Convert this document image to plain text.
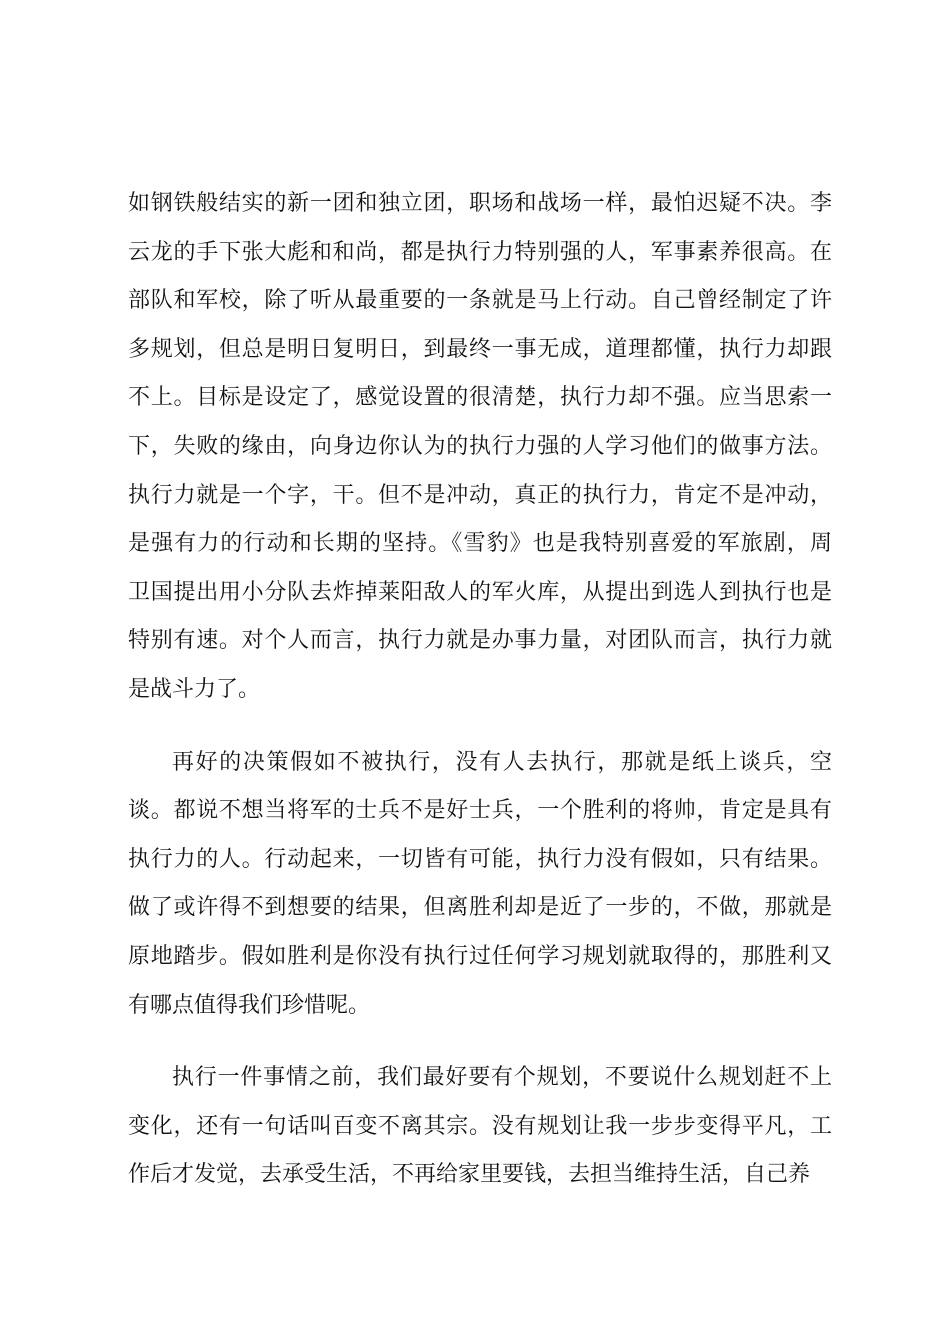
如钢铁般结实的新一团和独立团，职场和战场一样，最怕迟疑不决。李
云龙的手下张大彪和和尚，都是执行力特别强的人，军事素养很高。在
部队和军校，除了听从最重要的一条就是马上行动。自己曾经制定了许
多规划，但总是明日复明日，到最终一事无成，道理都懂，执行力却跟
不上。目标是设定了，感觉设置的很清楚，执行力却不强。应当思索一
下，失败的缘由，向身边你认为的执行力强的人学习他们的做事方法。
执行力就是一个字，干。但不是冲动，真正的执行力，肯定不是冲动，
是强有力的行动和长期的坚持。《雪豹》也是我特别喜爱的军旅剧，周
卫国提出用小分队去炸掉莱阳敌人的军火库，从提出到选人到执行也是
特别有速。对个人而言，执行力就是办事力量，对团队而言，执行力就
是战斗力了。
再好的决策假如不被执行，没有人去执行，那就是纸上谈兵，空
谈。都说不想当将军的士兵不是好士兵，一个胜利的将帅，肯定是具有
执行力的人。行动起来，一切皆有可能，执行力没有假如，只有结果。
做了或许得不到想要的结果，但离胜利却是近了一步的，不做，那就是
原地踏步。假如胜利是你没有执行过任何学习规划就取得的，那胜利又
有哪点值得我们珍惜呢。
执行一件事情之前，我们最好要有个规划，不要说什么规划赶不上
变化，还有一句话叫百变不离其宗。没有规划让我一步步变得平凡，工
作后才发觉，去承受生活，不再给家里要钱，去担当维持生活，自己养
